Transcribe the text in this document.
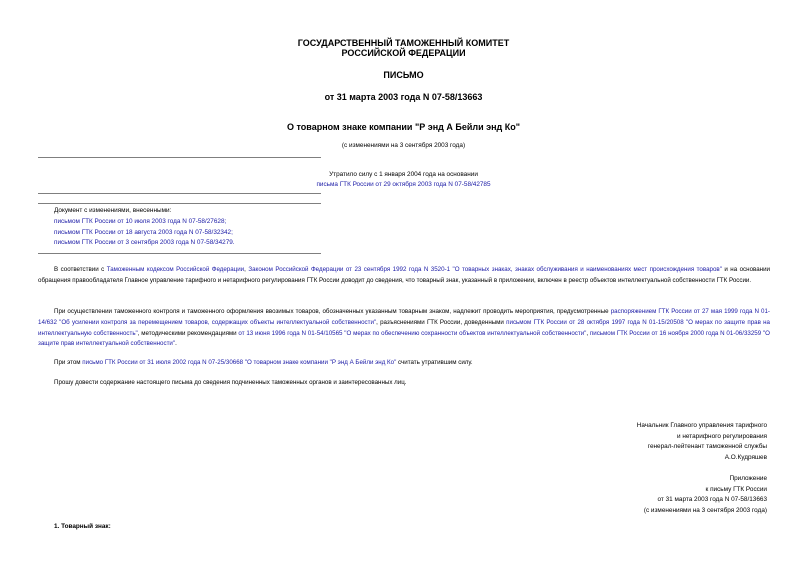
ГОСУДАРСТВЕННЫЙ ТАМОЖЕННЫЙ КОМИТЕТ
РОССИЙСКОЙ ФЕДЕРАЦИИ
ПИСЬМО
от 31 марта 2003 года N 07-58/13663
О товарном знаке компании "Р энд А Бейли энд Ко"
(с изменениями на 3 сентября 2003 года)
Утратило силу с 1 января 2004 года на основании
письма ГТК России от 29 октября 2003 года N 07-58/42785
Документ с изменениями, внесенными:
письмом ГТК России от 10 июля 2003 года N 07-58/27628;
письмом ГТК России от 18 августа 2003 года N 07-58/32342;
письмом ГТК России от 3 сентября 2003 года N 07-58/34279.
В соответствии с Таможенным кодексом Российской Федерации, Законом Российской Федерации от 23 сентября 1992 года N 3520-1 "О товарных знаках, знаках обслуживания и наименованиях мест происхождения товаров" и на основании обращения правообладателя Главное управление тарифного и нетарифного регулирования ГТК России доводит до сведения, что товарный знак, указанный в приложении, включен в реестр объектов интеллектуальной собственности ГТК России.
При осуществлении таможенного контроля и таможенного оформления ввозимых товаров, обозначенных указанным товарным знаком, надлежит проводить мероприятия, предусмотренные распоряжением ГТК России от 27 мая 1999 года N 01-14/632 "Об усилении контроля за перемещением товаров, содержащих объекты интеллектуальной собственности", разъяснениями ГТК России, доведенными письмом ГТК России от 28 октября 1997 года N 01-15/20508 "О мерах по защите прав на интеллектуальную собственность", методическими рекомендациями от 13 июня 1996 года N 01-54/10565 "О мерах по обеспечению сохранности объектов интеллектуальной собственности", письмом ГТК России от 16 ноября 2000 года N 01-06/33259 "О защите прав интеллектуальной собственности".
При этом письмо ГТК России от 31 июля 2002 года N 07-25/30668 "О товарном знаке компании "Р энд А Бейли энд Ко" считать утратившим силу.
Прошу довести содержание настоящего письма до сведения подчиненных таможенных органов и заинтересованных лиц.
Начальник Главного управления тарифного
и нетарифного регулирования
генерал-лейтенант таможенной службы
А.О.Кудряшев
Приложение
к письму ГТК России
от 31 марта 2003 года N 07-58/13663
(с изменениями на 3 сентября 2003 года)
1. Товарный знак:
